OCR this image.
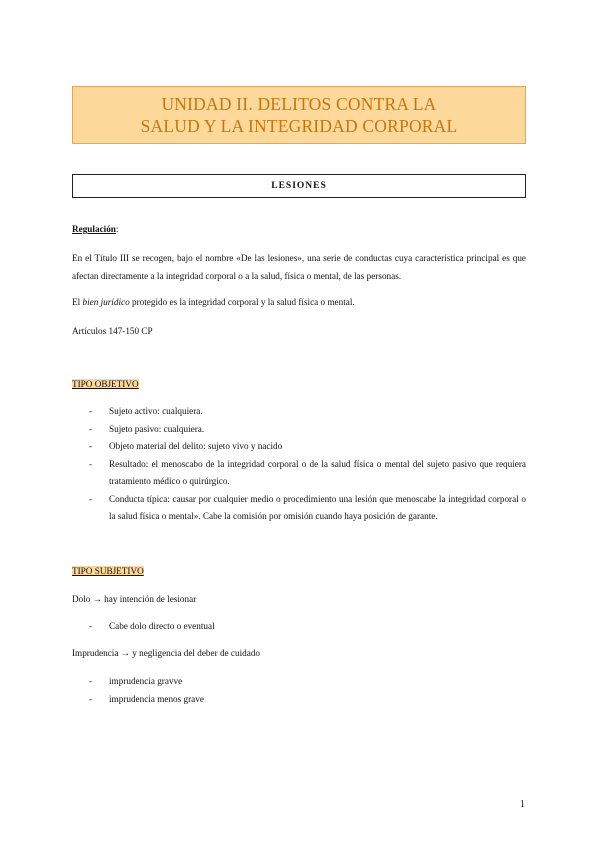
UNIDAD II. DELITOS CONTRA LA SALUD Y LA INTEGRIDAD CORPORAL
LESIONES
Regulación:
En el Título III se recogen, bajo el nombre «De las lesiones», una serie de conductas cuya característica principal es que afectan directamente a la integridad corporal o a la salud, física o mental, de las personas.
El bien jurídico protegido es la integridad corporal y la salud física o mental.
Artículos 147-150 CP
TIPO OBJETIVO
- Sujeto activo: cualquiera.
- Sujeto pasivo: cualquiera.
- Objeto material del delito: sujeto vivo y nacido
- Resultado: el menoscabo de la integridad corporal o de la salud física o mental del sujeto pasivo que requiera tratamiento médico o quirúrgico.
- Conducta típica: causar por cualquier medio o procedimiento una lesión que menoscabe la integridad corporal o la salud física o mental». Cabe la comisión por omisión cuando haya posición de garante.
TIPO SUBJETIVO
Dolo → hay intención de lesionar
- Cabe dolo directo o eventual
Imprudencia → y negligencia del deber de cuidado
- imprudencia gravve
- imprudencia menos grave
1
